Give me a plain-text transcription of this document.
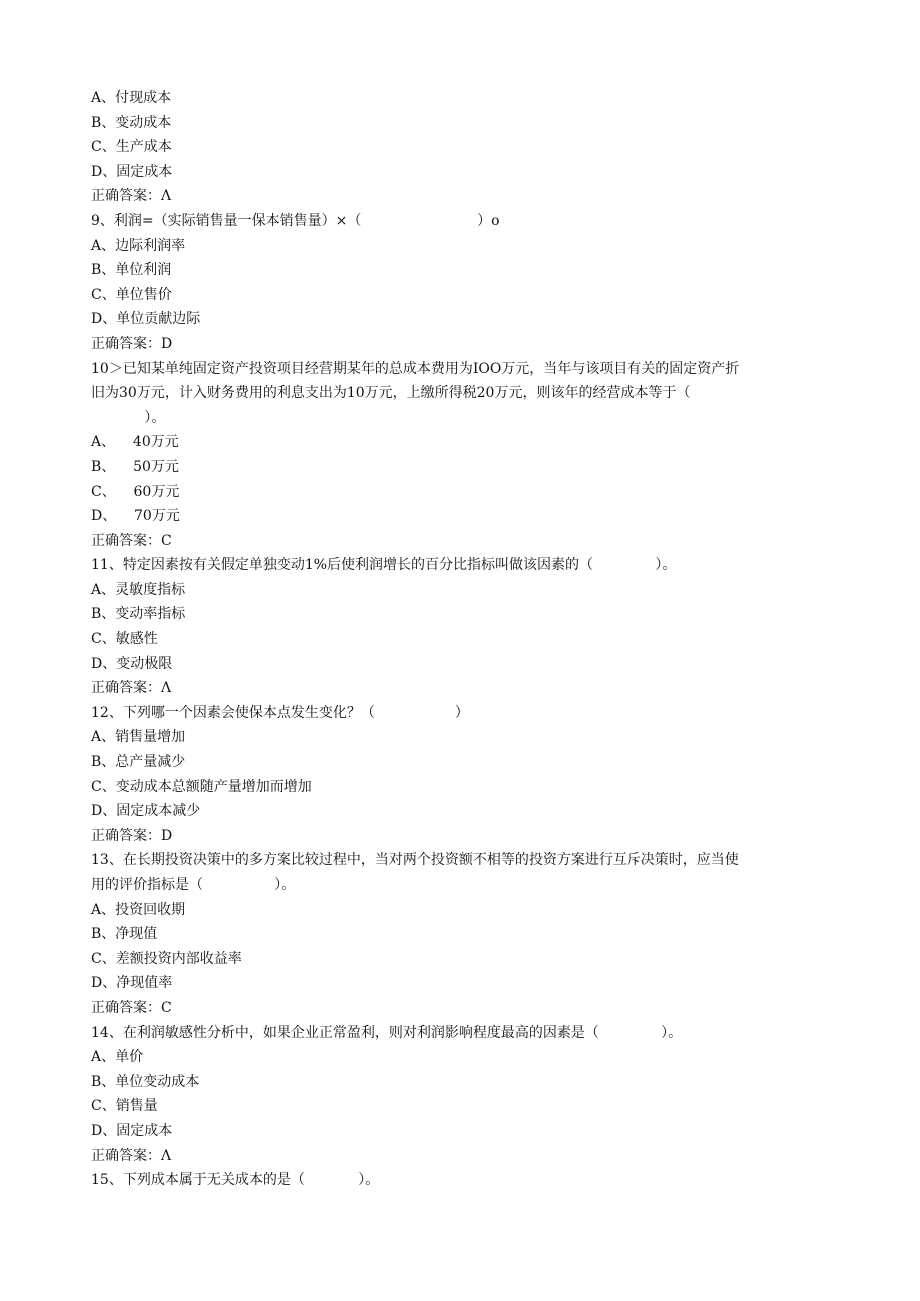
A、付现成本
B、变动成本
C、生产成本
D、固定成本
正确答案：Λ
9、利润=（实际销售量一保本销售量）×（                          ）o
A、边际利润率
B、单位利润
C、单位售价
D、单位贡献边际
正确答案：D
10＞已知某单纯固定资产投资项目经营期某年的总成本费用为IOO万元，当年与该项目有关的固定资产折
旧为30万元，计入财务费用的利息支出为10万元，上缴所得税20万元，则该年的经营成本等于（
）。
A、    40万元
B、    50万元
C、    60万元
D、    70万元
正确答案：C
11、特定因素按有关假定单独变动1%后使利润增长的百分比指标叫做该因素的（              ）。
A、灵敏度指标
B、变动率指标
C、敏感性
D、变动极限
正确答案：Λ
12、下列哪一个因素会使保本点发生变化？（                  ）
A、销售量增加
B、总产量减少
C、变动成本总额随产量增加而增加
D、固定成本减少
正确答案：D
13、在长期投资决策中的多方案比较过程中，当对两个投资额不相等的投资方案进行互斥决策时，应当使
用的评价指标是（                ）。
A、投资回收期
B、净现值
C、差额投资内部收益率
D、净现值率
正确答案：C
14、在利润敏感性分析中，如果企业正常盈利，则对利润影响程度最高的因素是（              ）。
A、单价
B、单位变动成本
C、销售量
D、固定成本
正确答案：Λ
15、下列成本属于无关成本的是（            ）。
